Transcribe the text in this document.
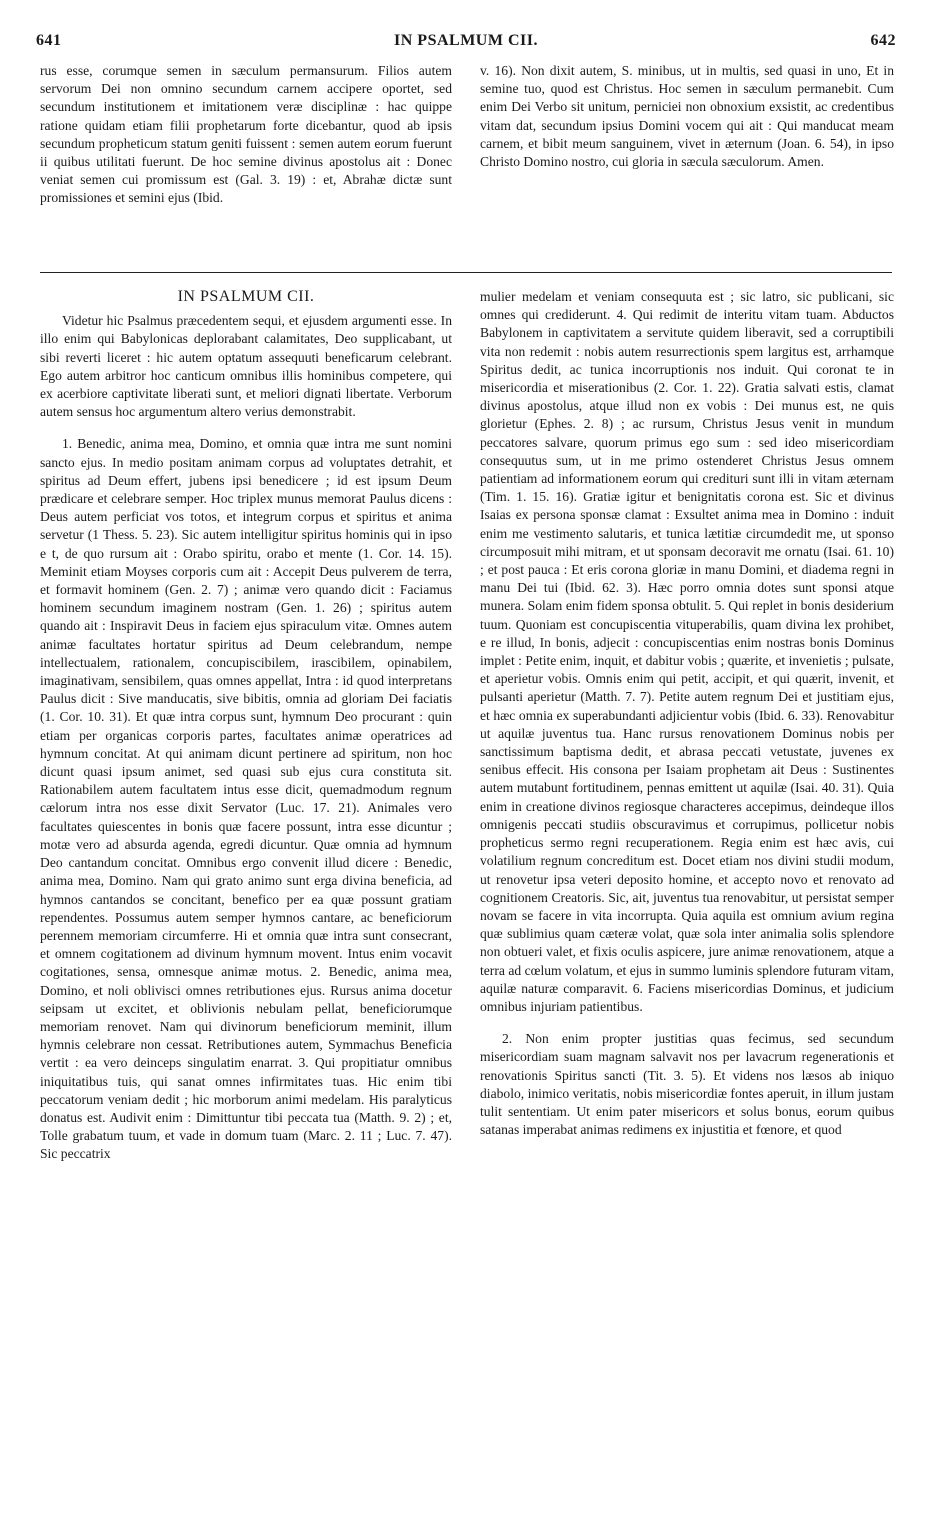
IN PSALMUM CII.
641	642

rus esse, corumque semen in sæculum permansurum. Filios autem servorum Dei non omnino secundum carnem accipere oportet, sed secundum institutionem et imitationem veræ disciplinæ : hac quippe ratione quidam etiam filii prophetarum forte dicebantur, quod ab ipsis secundum propheticum statum geniti fuissent : semen autem eorum fuerunt ii quibus utilitati fuerunt. De hoc semine divinus apostolus ait : Donec veniat semen cui promissum est (Gal. 3. 19) : et, Abrahæ dictæ sunt promissiones et semini ejus (Ibid.

v. 16). Non dixit autem, S. minibus, ut in multis, sed quasi in uno, Et in semine tuo, quod est Christus. Hoc semen in sæculum permanebit. Cum enim Dei Verbo sit unitum, perniciei non obnoxium exsistit, ac credentibus vitam dat, secundum ipsius Domini vocem qui ait : Qui manducat meam carnem, et bibit meum sanguinem, vivet in æternum (Joan. 6. 54), in ipso Christo Domino nostro, cui gloria in sæcula sæculorum. Amen.

IN PSALMUM CII.

Videtur hic Psalmus præcedentem sequi, et ejusdem argumenti esse. In illo enim qui Babylonicas deplorabant calamitates, Deo supplicabant, ut sibi reverti liceret : hic autem optatum assequuti beneficarum celebrant. Ego autem arbitror hoc canticum omnibus illis hominibus competere, qui ex acerbiore captivitate liberati sunt, et meliori dignati libertate. Verborum autem sensus hoc argumentum altero verius demonstrabit.

1. Benedic, anima mea, Domino, et omnia quæ intra me sunt nomini sancto ejus. In medio positam animam corpus ad voluptates detrahit, et spiritus ad Deum effert, jubens ipsi benedicere ; id est ipsum Deum prædicare et celebrare semper. Hoc triplex munus memorat Paulus dicens : Deus autem perficiat vos totos, et integrum corpus et spiritus et anima servetur (1 Thess. 5. 23). Sic autem intelligitur spiritus hominis qui in ipso e t, de quo rursum ait : Orabo spiritu, orabo et mente (1. Cor. 14. 15). Meminit etiam Moyses corporis cum ait : Accepit Deus pulverem de terra, et formavit hominem (Gen. 2. 7) ; animæ vero quando dicit : Faciamus hominem secundum imaginem nostram (Gen. 1. 26) ; spiritus autem quando ait : Inspiravit Deus in faciem ejus spiraculum vitæ. Omnes autem animæ facultates hortatur spiritus ad Deum celebrandum, nempe intellectualem, rationalem, concupiscibilem, irascibilem, opinabilem, imaginativam, sensibilem, quas omnes appellat, Intra : id quod interpretans Paulus dicit : Sive manducatis, sive bibitis, omnia ad gloriam Dei faciatis (1. Cor. 10. 31). Et quæ intra corpus sunt, hymnum Deo procurant : quin etiam per organicas corporis partes, facultates animæ operatrices ad hymnum concitat. At qui animam dicunt pertinere ad spiritum, non hoc dicunt quasi ipsum animet, sed quasi sub ejus cura constituta sit. Rationabilem autem facultatem intus esse dicit, quemadmodum regnum cælorum intra nos esse dixit Servator (Luc. 17. 21). Animales vero facultates quiescentes in bonis quæ facere possunt, intra esse dicuntur ; motæ vero ad absurda agenda, egredi dicuntur. Quæ omnia ad hymnum Deo cantandum concitat. Omnibus ergo convenit illud dicere : Benedic, anima mea, Domino. Nam qui grato animo sunt erga divina beneficia, ad hymnos cantandos se concitant, benefico per ea quæ possunt gratiam rependentes. Possumus autem semper hymnos cantare, ac beneficiorum perennem memoriam circumferre. Hi et omnia quæ intra sunt consecrant, et omnem cogitationem ad divinum hymnum movent. Intus enim vocavit cogitationes, sensa, omnesque animæ motus. 2. Benedic, anima mea, Domino, et noli oblivisci omnes retributiones ejus. Rursus anima docetur seipsam ut excitet, et oblivionis nebulam pellat, beneficiorumque memoriam renovet. Nam qui divinorum beneficiorum meminit, illum hymnis celebrare non cessat. Retributiones autem, Symmachus Beneficia vertit : ea vero deinceps singulatim enarrat. 3. Qui propitiatur omnibus iniquitatibus tuis, qui sanat omnes infirmitates tuas. Hic enim tibi peccatorum veniam dedit ; hic morborum animi medelam. His paralyticus donatus est. Audivit enim : Dimittuntur tibi peccata tua (Matth. 9. 2) ; et, Tolle grabatum tuum, et vade in domum tuam (Marc. 2. 11 ; Luc. 7. 47). Sic peccatrix

mulier medelam et veniam consequuta est ; sic latro, sic publicani, sic omnes qui crediderunt. 4. Qui redimit de interitu vitam tuam. Abductos Babylonem in captivitatem a servitute quidem liberavit, sed a corruptibili vita non redemit : nobis autem resurrectionis spem largitus est, arrhamque Spiritus dedit, ac tunica incorruptionis nos induit. Qui coronat te in misericordia et miserationibus (2. Cor. 1. 22). Gratia salvati estis, clamat divinus apostolus, atque illud non ex vobis : Dei munus est, ne quis glorietur (Ephes. 2. 8) ; ac rursum, Christus Jesus venit in mundum peccatores salvare, quorum primus ego sum : sed ideo misericordiam consequutus sum, ut in me primo ostenderet Christus Jesus omnem patientiam ad informationem eorum qui credituri sunt illi in vitam æternam (Tim. 1. 15. 16). Gratiæ igitur et benignitatis corona est. Sic et divinus Isaias ex persona sponsæ clamat : Exsultet anima mea in Domino : induit enim me vestimento salutaris, et tunica lætitiæ circumdedit me, ut sponso circumposuit mihi mitram, et ut sponsam decoravit me ornatu (Isai. 61. 10) ; et post pauca : Et eris corona gloriæ in manu Domini, et diadema regni in manu Dei tui (Ibid. 62. 3). Hæc porro omnia dotes sunt sponsi atque munera. Solam enim fidem sponsa obtulit. 5. Qui replet in bonis desiderium tuum. Quoniam est concupiscentia vituperabilis, quam divina lex prohibet, e re illud, In bonis, adjecit : concupiscentias enim nostras bonis Dominus implet : Petite enim, inquit, et dabitur vobis ; quærite, et invenietis ; pulsate, et aperietur vobis. Omnis enim qui petit, accipit, et qui quærit, invenit, et pulsanti aperietur (Matth. 7. 7). Petite autem regnum Dei et justitiam ejus, et hæc omnia ex superabundanti adjicientur vobis (Ibid. 6. 33). Renovabitur ut aquilæ juventus tua. Hanc rursus renovationem Dominus nobis per sanctissimum baptisma dedit, et abrasa peccati vetustate, juvenes ex senibus effecit. His consona per Isaiam prophetam ait Deus : Sustinentes autem mutabunt fortitudinem, pennas emittent ut aquilæ (Isai. 40. 31). Quia enim in creatione divinos regiosque characteres accepimus, deindeque illos omnigenis peccati studiis obscuravimus et corrupimus, pollicetur nobis propheticus sermo regni recuperationem. Regia enim est hæc avis, cui volatilium regnum concreditum est. Docet etiam nos divini studii modum, ut renovetur ipsa veteri deposito homine, et accepto novo et renovato ad cognitionem Creatoris. Sic, ait, juventus tua renovabitur, ut persistat semper novam se facere in vita incorrupta. Quia aquila est omnium avium regina quæ sublimius quam cæteræ volat, quæ sola inter animalia solis splendore non obtueri valet, et fixis oculis aspicere, jure animæ renovationem, atque a terra ad cœlum volatum, et ejus in summo luminis splendore futuram vitam, aquilæ naturæ comparavit. 6. Faciens misericordias Dominus, et judicium omnibus injuriam patientibus.

2. Non enim propter justitias quas fecimus, sed secundum misericordiam suam magnam salvavit nos per lavacrum regenerationis et renovationis Spiritus sancti (Tit. 3. 5). Et videns nos læsos ab iniquo diabolo, inimico veritatis, nobis misericordiæ fontes aperuit, in illum justam tulit sententiam. Ut enim pater misericors et solus bonus, eorum quibus satanas imperabat animas redimens ex injustitia et fœnore, et quod
